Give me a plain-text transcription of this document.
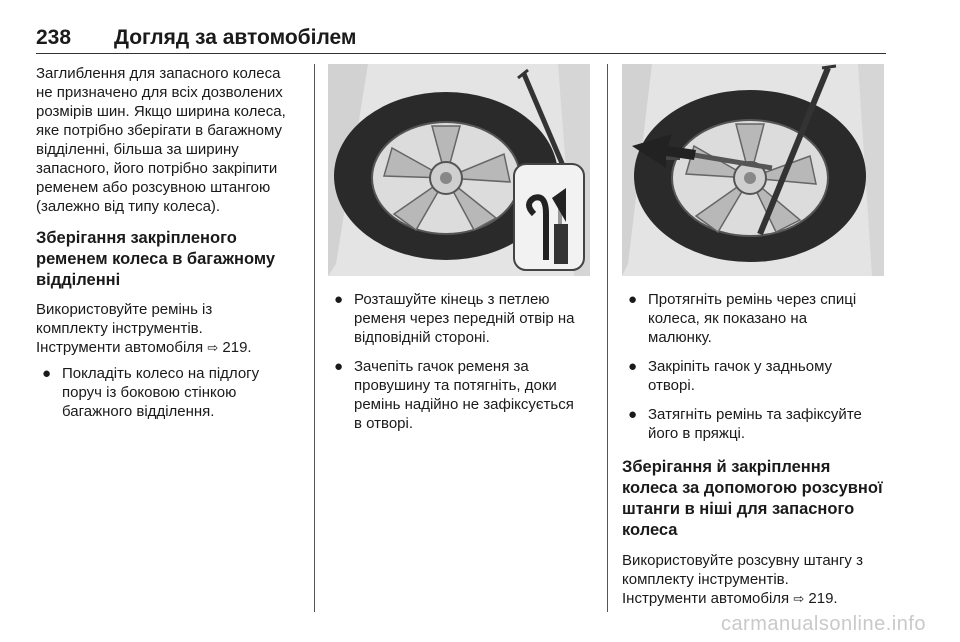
238 Догляд за автомобілем

Заглиблення для запасного колеса
не призначено для всіх дозволених
розмірів шин. Якщо ширина колеса,
яке потрібно зберігати в багажному
відділенні, більша за ширину
запасного, його потрібно закріпити
ременем або розсувною штангою
(залежно від типу колеса).

Зберігання закріпленого
ременем колеса в багажному
відділенні

Використовуйте ремінь із
комплекту інструментів.
Інструменти автомобіля ⇨ 219.

● Покладіть колесо на підлогу
поруч із боковою стінкою
багажного відділення.
● Розташуйте кінець з петлею
ременя через передній отвір на
відповідній стороні.
● Зачепіть гачок ременя за
провушину та потягніть, доки
ремінь надійно не зафіксується
в отворі.
● Протягніть ремінь через спиці
колеса, як показано на
малюнку.
● Закріпіть гачок у задньому
отворі.
● Затягніть ремінь та зафіксуйте
його в пряжці.
Зберігання й закріплення
колеса за допомогою розсувної
штанги в ніші для запасного
колеса

Використовуйте розсувну штангу з
комплекту інструментів.
Інструменти автомобіля ⇨ 219.

carmanualsonline.info
